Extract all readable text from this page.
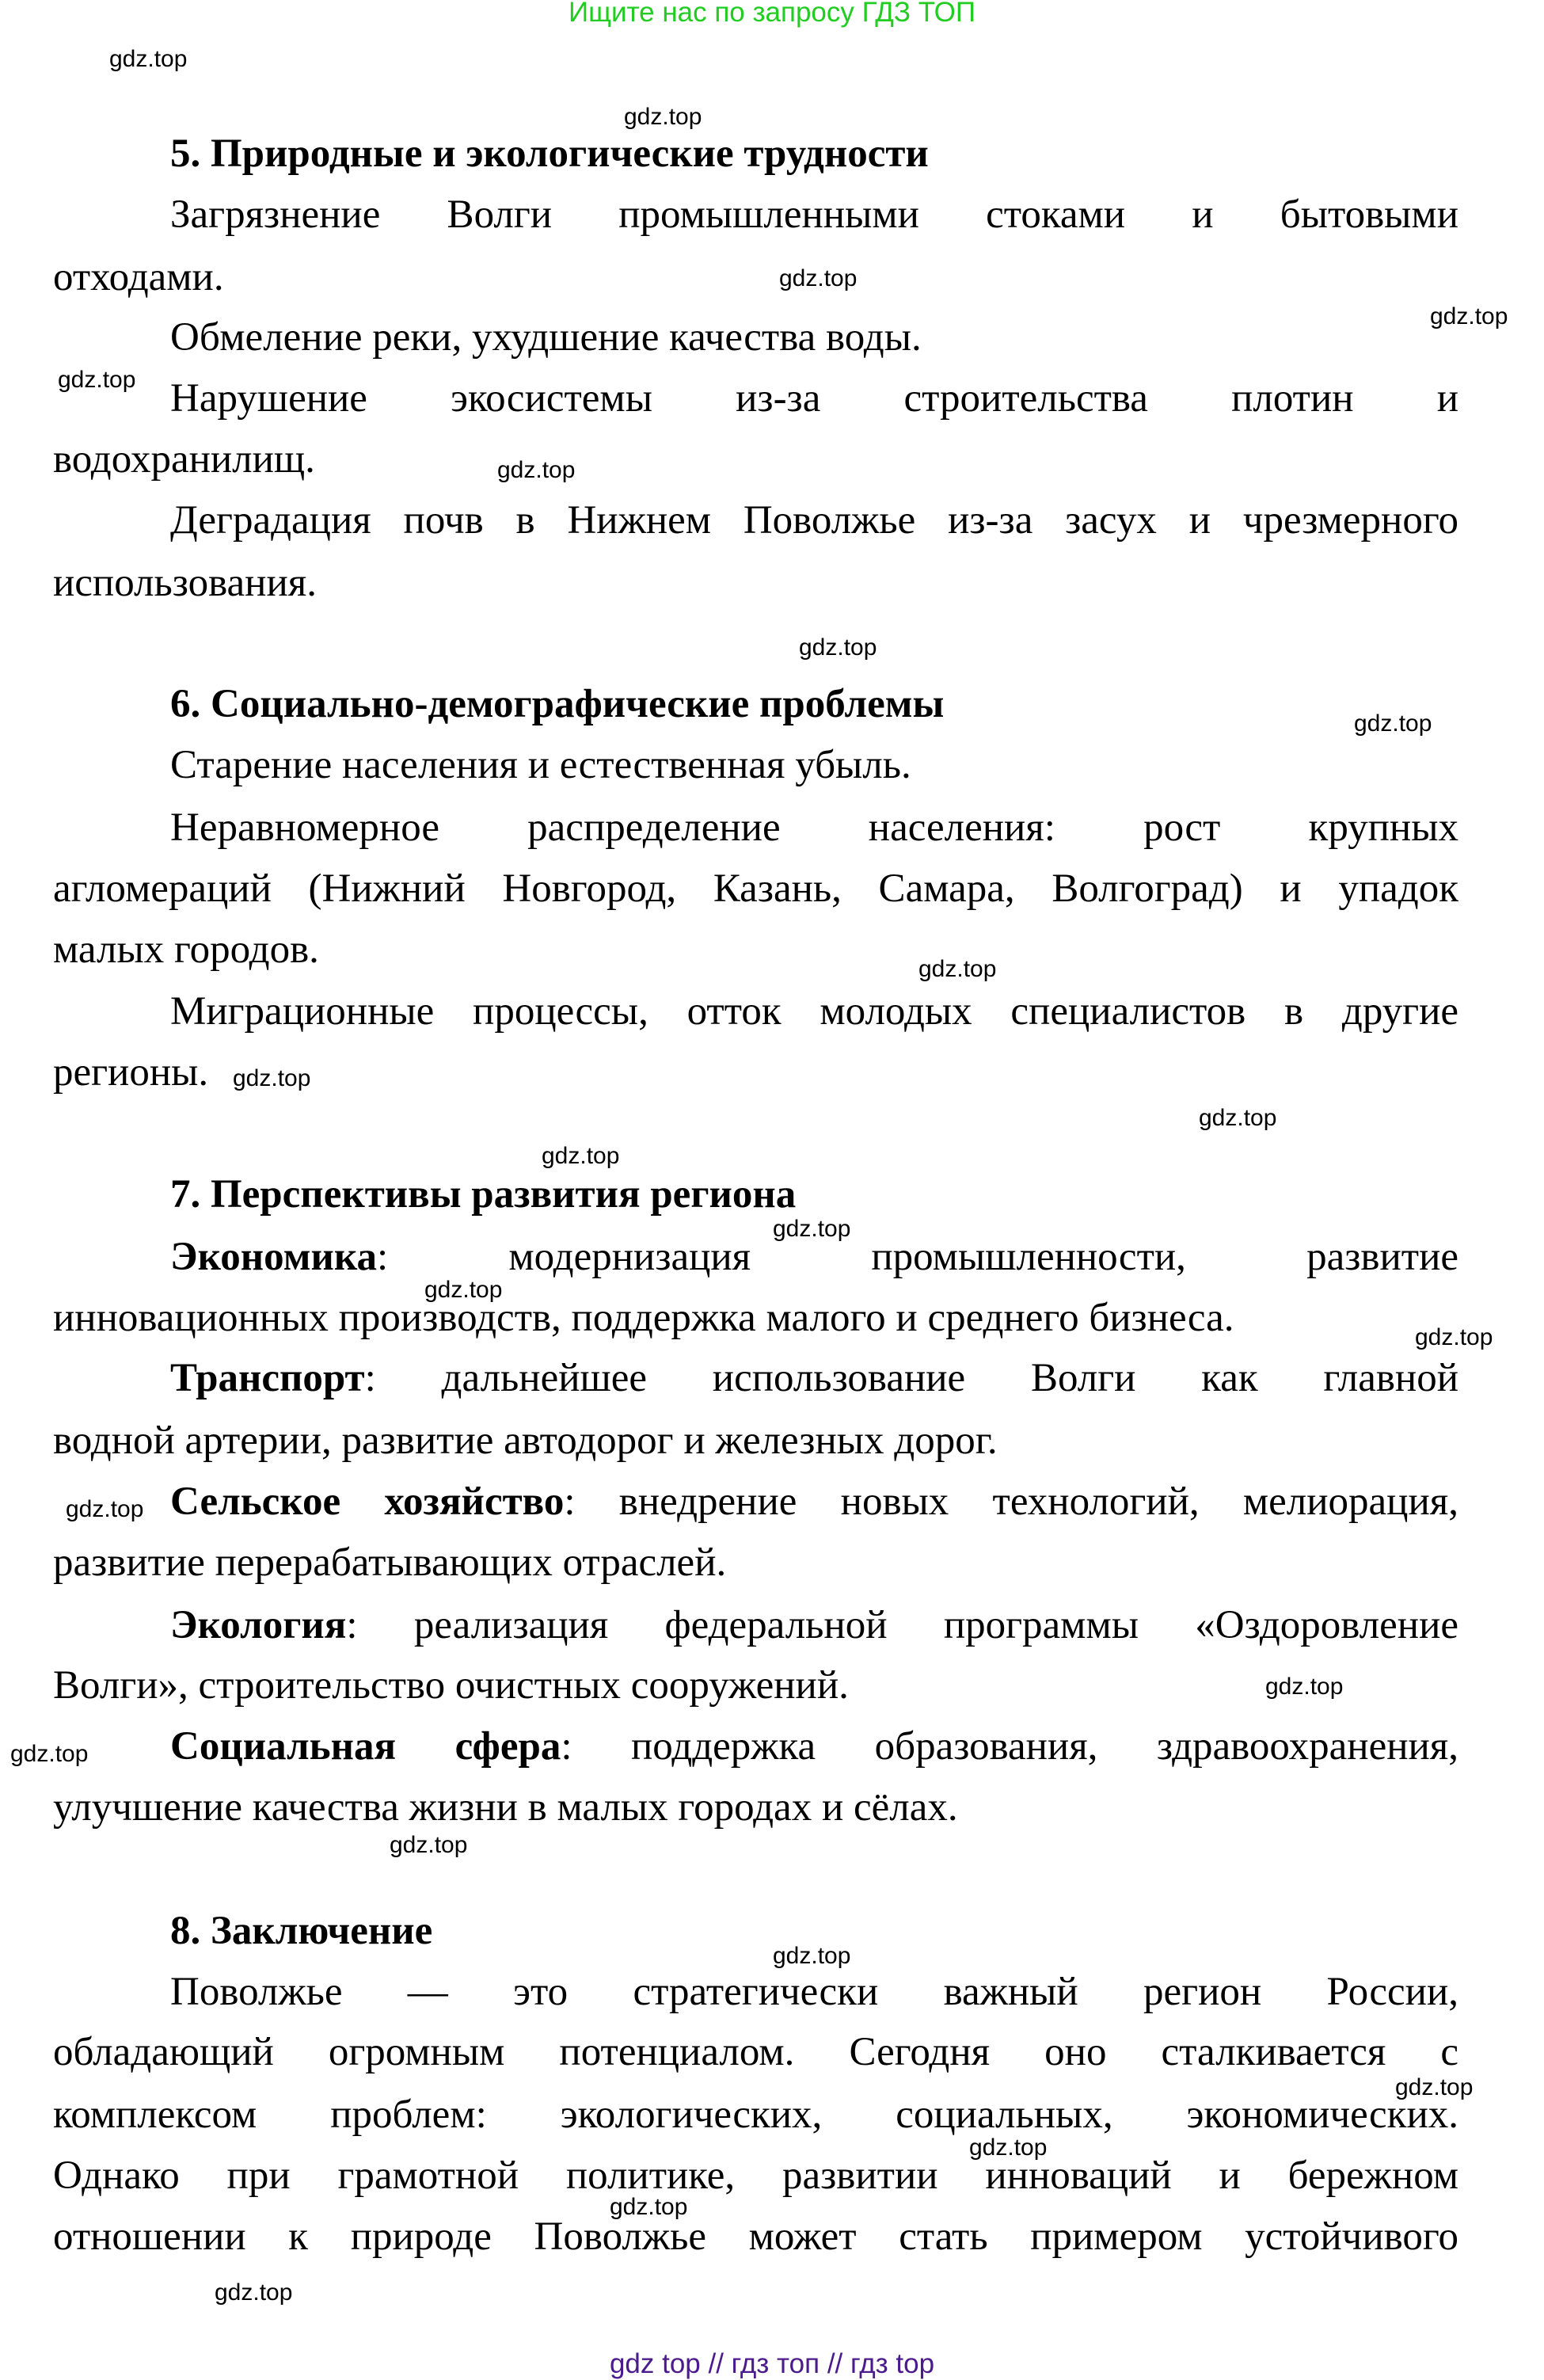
Ищите нас по запросу ГДЗ ТОП
5. Природные и экологические трудности
Загрязнение Волги промышленными стоками и бытовыми
отходами.
Обмеление реки, ухудшение качества воды.
Нарушение экосистемы из-за строительства плотин и
водохранилищ.
Деградация почв в Нижнем Поволжье из-за засух и чрезмерного
использования.
6. Социально-демографические проблемы
Старение населения и естественная убыль.
Неравномерное распределение населения: рост крупных
агломераций (Нижний Новгород, Казань, Самара, Волгоград) и упадок
малых городов.
Миграционные процессы, отток молодых специалистов в другие
регионы.
7. Перспективы развития региона
Экономика: модернизация промышленности, развитие
инновационных производств, поддержка малого и среднего бизнеса.
Транспорт: дальнейшее использование Волги как главной
водной артерии, развитие автодорог и железных дорог.
Сельское хозяйство: внедрение новых технологий, мелиорация,
развитие перерабатывающих отраслей.
Экология: реализация федеральной программы «Оздоровление
Волги», строительство очистных сооружений.
Социальная сфера: поддержка образования, здравоохранения,
улучшение качества жизни в малых городах и сёлах.
8. Заключение
Поволжье — это стратегически важный регион России,
обладающий огромным потенциалом. Сегодня оно сталкивается с
комплексом проблем: экологических, социальных, экономических.
Однако при грамотной политике, развитии инноваций и бережном
отношении к природе Поволжье может стать примером устойчивого
gdz.top
gdz.top
gdz.top
gdz.top
gdz.top
gdz.top
gdz.top
gdz.top
gdz.top
gdz.top
gdz.top
gdz.top
gdz.top
gdz.top
gdz.top
gdz.top
gdz.top
gdz.top
gdz.top
gdz.top
gdz.top
gdz.top
gdz.top
gdz.top
gdz top // гдз топ // гдз top
